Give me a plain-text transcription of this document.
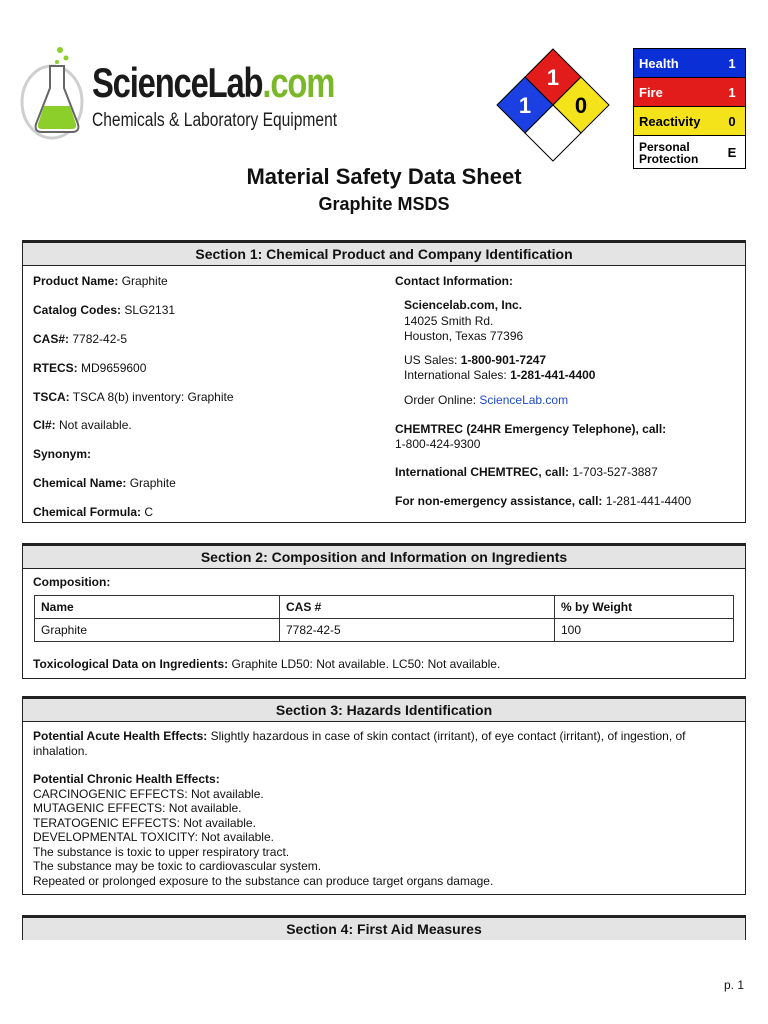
ScienceLab.com
Chemicals & Laboratory Equipment
1
1 0
Health	1
Fire	1
Reactivity	0
Personal
Protection	E
Material Safety Data Sheet
Graphite MSDS
Section 1: Chemical Product and Company Identification
Product Name: Graphite
Catalog Codes: SLG2131
CAS#: 7782-42-5
RTECS: MD9659600
TSCA: TSCA 8(b) inventory: Graphite
CI#: Not available.
Synonym:
Chemical Name: Graphite
Chemical Formula: C
Contact Information:
Sciencelab.com, Inc.
14025 Smith Rd.
Houston, Texas 77396
US Sales: 1-800-901-7247
International Sales: 1-281-441-4400
Order Online: ScienceLab.com
CHEMTREC (24HR Emergency Telephone), call:
1-800-424-9300
International CHEMTREC, call: 1-703-527-3887
For non-emergency assistance, call: 1-281-441-4400
Section 2: Composition and Information on Ingredients
Composition:
Name	CAS #	% by Weight
Graphite	7782-42-5	100
Toxicological Data on Ingredients: Graphite LD50: Not available. LC50: Not available.
Section 3: Hazards Identification
Potential Acute Health Effects: Slightly hazardous in case of skin contact (irritant), of eye contact (irritant), of ingestion, of
inhalation.
Potential Chronic Health Effects:
CARCINOGENIC EFFECTS: Not available.
MUTAGENIC EFFECTS: Not available.
TERATOGENIC EFFECTS: Not available.
DEVELOPMENTAL TOXICITY: Not available.
The substance is toxic to upper respiratory tract.
The substance may be toxic to cardiovascular system.
Repeated or prolonged exposure to the substance can produce target organs damage.
Section 4: First Aid Measures
p. 1
